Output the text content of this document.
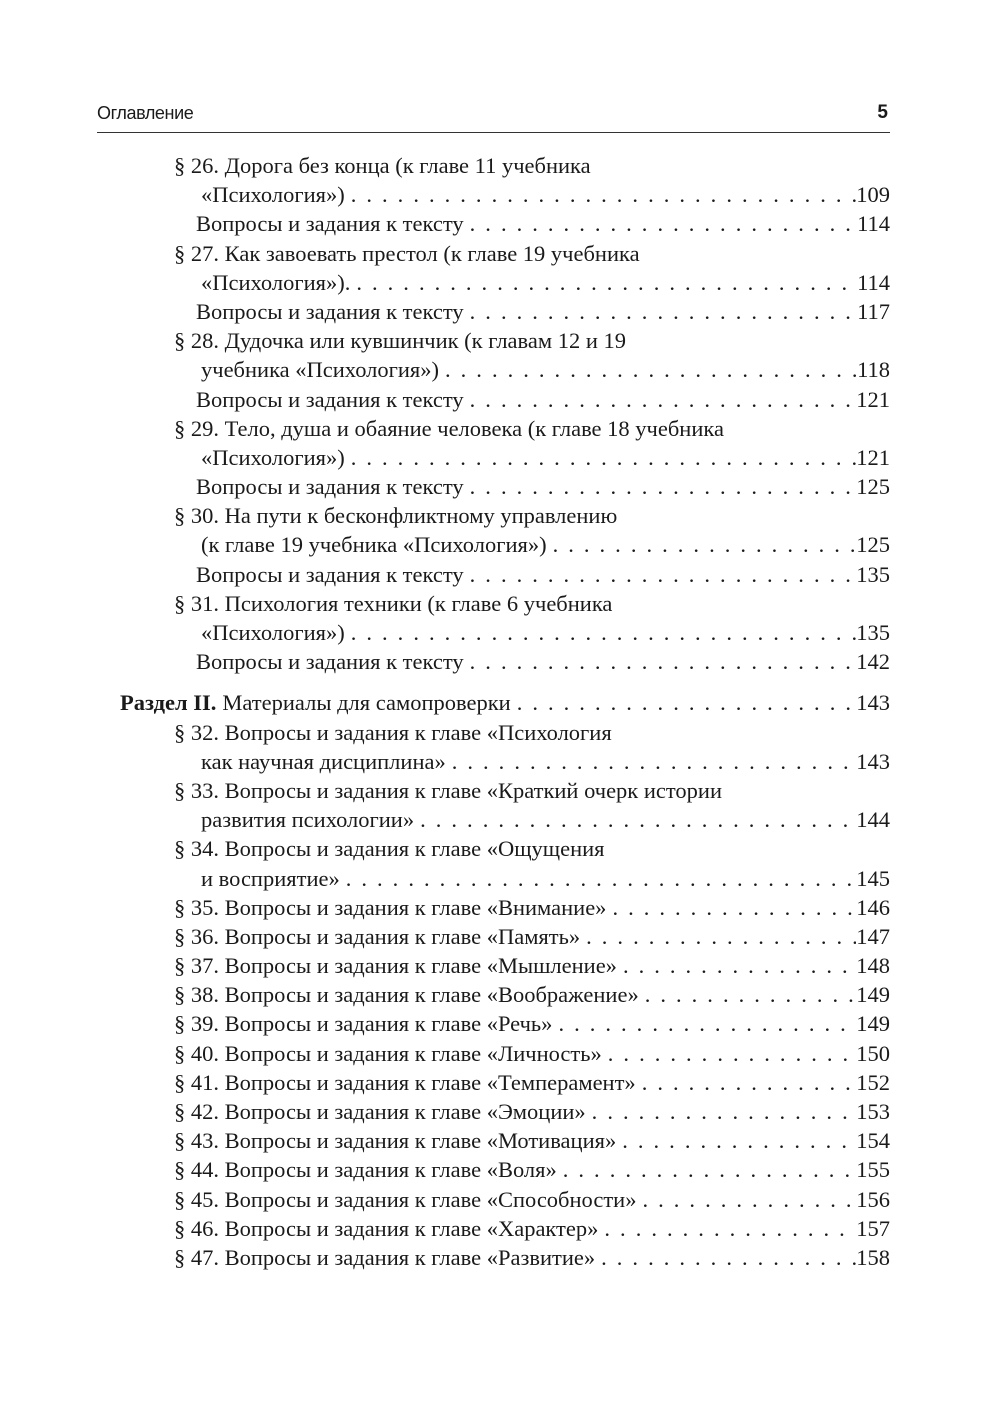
Оглавление	5
§ 26. Дорога без конца (к главе 11 учебника
«Психология») . . .	109
Вопросы и задания к тексту . . .	114
§ 27. Как завоевать престол (к главе 19 учебника
«Психология»). . . .	114
Вопросы и задания к тексту . . .	117
§ 28. Дудочка или кувшинчик (к главам 12 и 19
учебника «Психология») . . .	118
Вопросы и задания к тексту . . .	121
§ 29. Тело, душа и обаяние человека (к главе 18 учебника
«Психология») . . .	121
Вопросы и задания к тексту . . .	125
§ 30. На пути к бесконфликтному управлению
(к главе 19 учебника «Психология») . . .	125
Вопросы и задания к тексту . . .	135
§ 31. Психология техники (к главе 6 учебника
«Психология») . . .	135
Вопросы и задания к тексту . . .	142
Раздел II. Материалы для самопроверки . . .	143
§ 32. Вопросы и задания к главе «Психология
как научная дисциплина» . . .	143
§ 33. Вопросы и задания к главе «Краткий очерк истории
развития психологии» . . .	144
§ 34. Вопросы и задания к главе «Ощущения
и восприятие» . . .	145
§ 35. Вопросы и задания к главе «Внимание» . . .	146
§ 36. Вопросы и задания к главе «Память» . . .	147
§ 37. Вопросы и задания к главе «Мышление» . . .	148
§ 38. Вопросы и задания к главе «Воображение» . . .	149
§ 39. Вопросы и задания к главе «Речь» . . .	149
§ 40. Вопросы и задания к главе «Личность» . . .	150
§ 41. Вопросы и задания к главе «Темперамент» . . .	152
§ 42. Вопросы и задания к главе «Эмоции» . . .	153
§ 43. Вопросы и задания к главе «Мотивация» . . .	154
§ 44. Вопросы и задания к главе «Воля» . . .	155
§ 45. Вопросы и задания к главе «Способности» . . .	156
§ 46. Вопросы и задания к главе «Характер» . . .	157
§ 47. Вопросы и задания к главе «Развитие» . . .	158
